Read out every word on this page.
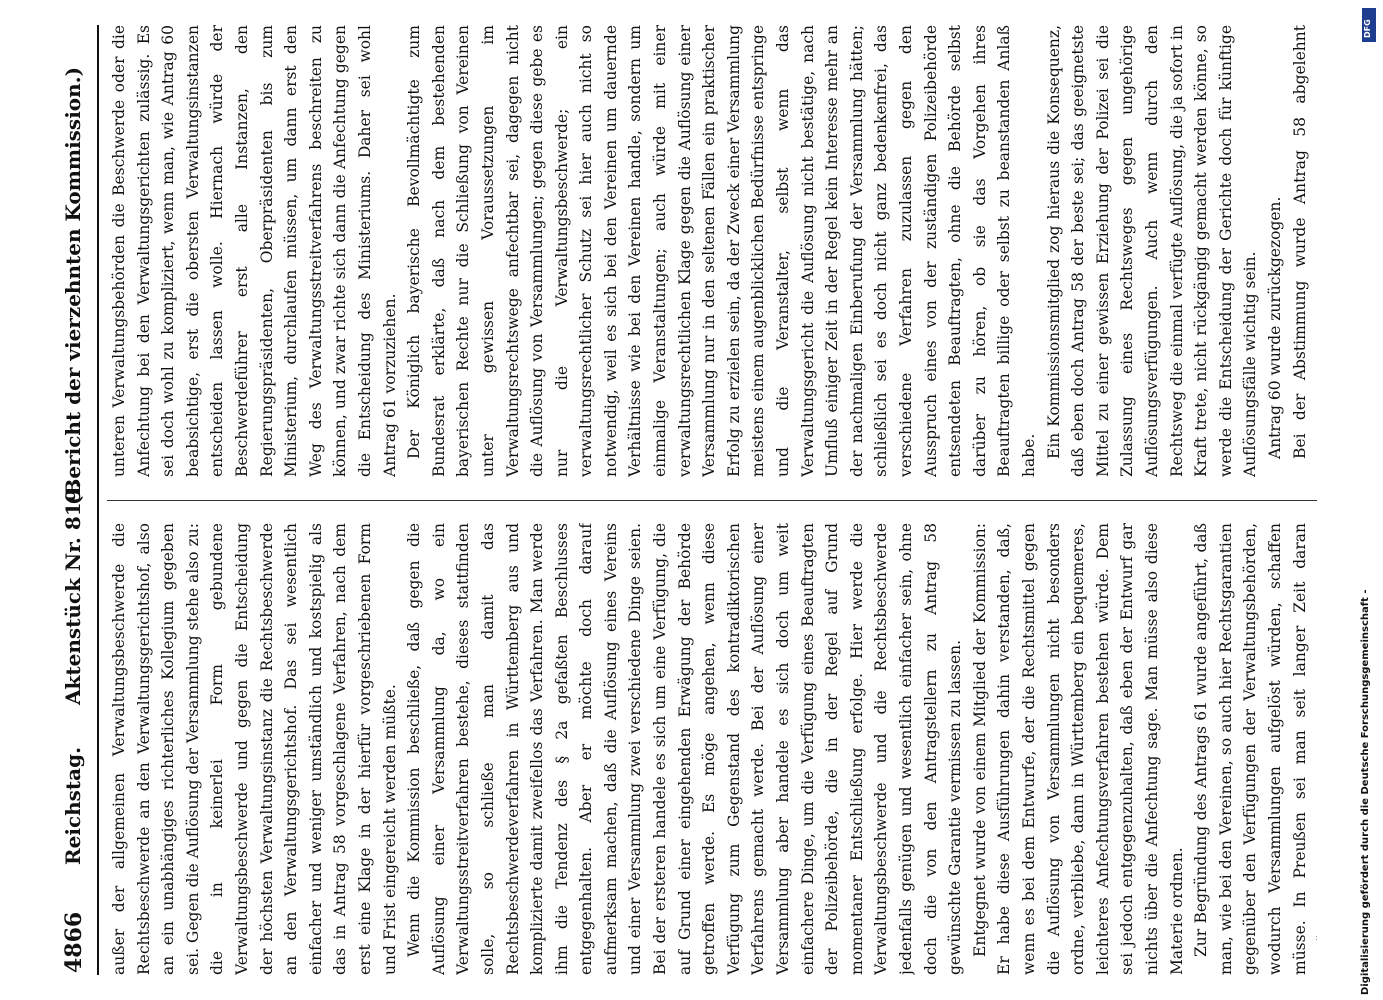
4866
Reichstag.
Aktenstück Nr. 819.
(Bericht der vierzehnten Kommission.)

außer der allgemeinen Verwaltungsbeschwerde die Rechtsbeschwerde an den Verwaltungsgerichtshof, also an ein unabhängiges richterliches Kollegium gegeben sei. Gegen die Auflösung der Versammlung stehe also zu: die in keinerlei Form gebundene Verwaltungsbeschwerde und gegen die Entscheidung der höchsten Verwaltungsinstanz die Rechtsbeschwerde an den Verwaltungsgerichtshof. Das sei wesentlich einfacher und weniger umständlich und kostspielig als das in Antrag 58 vorgeschlagene Verfahren, nach dem erst eine Klage in der hierfür vorgeschriebenen Form und Frist eingereicht werden müßte. Wenn die Kommission beschließe, daß gegen die Auflösung einer Versammlung da, wo ein Verwaltungsstreitverfahren bestehe, dieses stattfinden solle, so schließe man damit das Rechtsbeschwerdeverfahren in Württemberg aus und komplizierte damit zweifellos das Verfahren. Man werde ihm die Tendenz des § 2a gefaßten Beschlusses entgegenhalten. Aber er möchte doch darauf aufmerksam machen, daß die Auflösung eines Vereins und einer Versammlung zwei verschiedene Dinge seien. Bei der ersteren handele es sich um eine Verfügung, die auf Grund einer eingehenden Erwägung der Behörde getroffen werde. Es möge angehen, wenn diese Verfügung zum Gegenstand des kontradiktorischen Verfahrens gemacht werde. Bei der Auflösung einer Versammlung aber handele es sich doch um weit einfachere Dinge, um die Verfügung eines Beauftragten der Polizeibehörde, die in der Regel auf Grund momentaner Entschließung erfolge. Hier werde die Verwaltungsbeschwerde und die Rechtsbeschwerde jedenfalls genügen und wesentlich einfacher sein, ohne doch die von den Antragstellern zu Antrag 58 gewünschte Garantie vermissen zu lassen. Entgegnet wurde von einem Mitglied der Kommission: Er habe diese Ausführungen dahin verstanden, daß, wenn es bei dem Entwurfe, der die Rechtsmittel gegen die Auflösung von Versammlungen nicht besonders ordne, verbliebe, dann in Württemberg ein bequemeres, leichteres Anfechtungsverfahren bestehen würde. Dem sei jedoch entgegenzuhalten, daß eben der Entwurf gar nichts über die Anfechtung sage. Man müsse also diese Materie ordnen. Zur Begründung des Antrags 61 wurde angeführt, daß man, wie bei den Vereinen, so auch hier Rechtsgarantien gegenüber den Verfügungen der Verwaltungsbehörden, wodurch Versammlungen aufgelöst würden, schaffen müsse. In Preußen sei man seit langer Zeit daran

unteren Verwaltungsbehörden die Beschwerde oder die Anfechtung bei den Verwaltungsgerichten zulässig. Es sei doch wohl zu kompliziert, wenn man, wie Antrag 60 beabsichtige, erst die obersten Verwaltungsinstanzen entscheiden lassen wolle. Hiernach würde der Beschwerdeführer erst alle Instanzen, den Regierungspräsidenten, Oberpräsidenten bis zum Ministerium, durchlaufen müssen, um dann erst den Weg des Verwaltungsstreitverfahrens beschreiten zu können, und zwar richte sich dann die Anfechtung gegen die Entscheidung des Ministeriums. Daher sei wohl Antrag 61 vorzuziehen. Der Königlich bayerische Bevollmächtigte zum Bundesrat erklärte, daß nach dem bestehenden bayerischen Rechte nur die Schließung von Vereinen unter gewissen Voraussetzungen im Verwaltungsrechtswege anfechtbar sei, dagegen nicht die Auflösung von Versammlungen; gegen diese gebe es nur die Verwaltungsbeschwerde; ein verwaltungsrechtlicher Schutz sei hier auch nicht so notwendig, weil es sich bei den Vereinen um dauernde Verhältnisse wie bei den Vereinen handle, sondern um einmalige Veranstaltungen; auch würde mit einer verwaltungsrechtlichen Klage gegen die Auflösung einer Versammlung nur in den seltenen Fällen ein praktischer Erfolg zu erzielen sein, da der Zweck einer Versammlung meistens einem augenblicklichen Bedürfnisse entspringe und die Veranstalter, selbst wenn das Verwaltungsgericht die Auflösung nicht bestätige, nach Umfluß einiger Zeit in der Regel kein Interesse mehr an der nachmaligen Einberufung der Versammlung hätten; schließlich sei es doch nicht ganz bedenkenfrei, das verschiedene Verfahren zuzulassen gegen den Ausspruch eines von der zuständigen Polizeibehörde entsendeten Beauftragten, ohne die Behörde selbst darüber zu hören, ob sie das Vorgehen ihres Beauftragten billige oder selbst zu beanstanden Anlaß habe. Ein Kommissionsmitglied zog hieraus die Konsequenz, daß eben doch Antrag 58 der beste sei; das geeignetste Mittel zu einer gewissen Erziehung der Polizei sei die Zulassung eines Rechtsweges gegen ungehörige Auflösungsverfügungen. Auch wenn durch den Rechtsweg die einmal verfügte Auflösung, die ja sofort in Kraft trete, nicht rückgängig gemacht werden könne, so werde die Entscheidung der Gerichte doch für künftige Auflösungsfälle wichtig sein. Antrag 60 wurde zurückgezogen. Bei der Abstimmung wurde Antrag 58 abgelehnt

Digitalisierung gefördert durch die Deutsche Forschungsgemeinschaft -
DFG
